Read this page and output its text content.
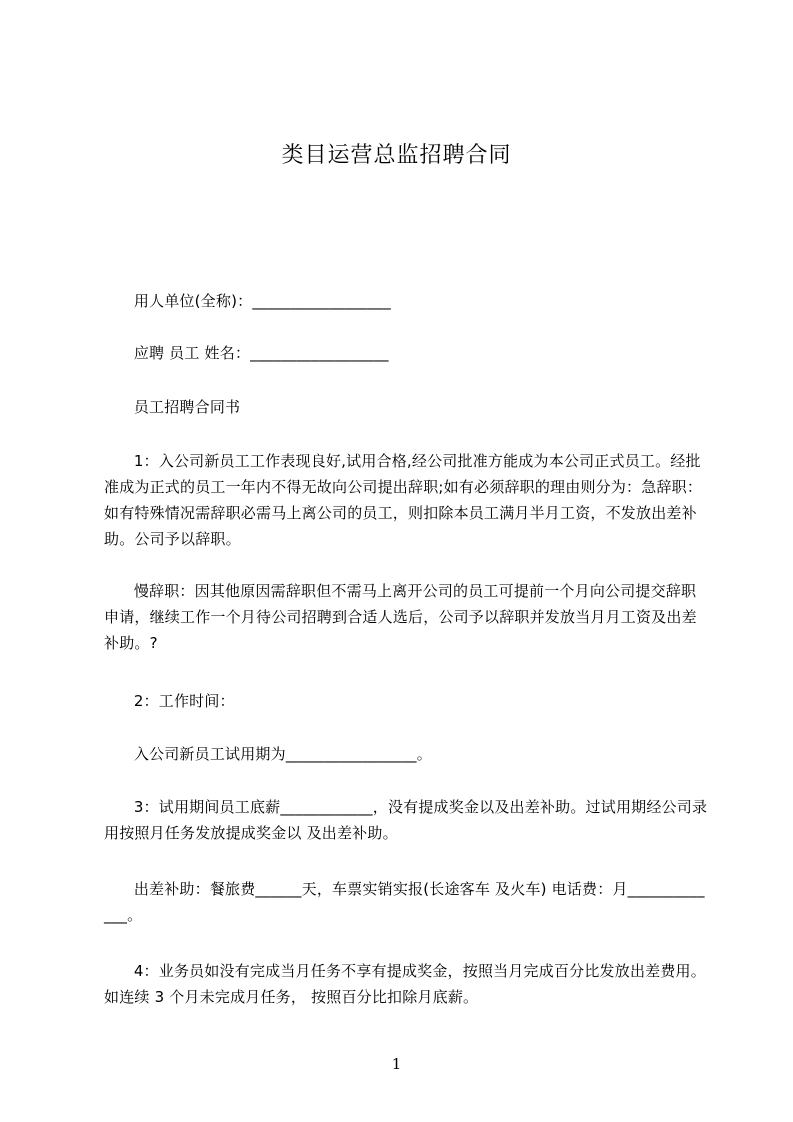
类目运营总监招聘合同
用人单位(全称)：__________________
应聘 员工 姓名：__________________
员工招聘合同书
1：入公司新员工工作表现良好,试用合格,经公司批准方能成为本公司正式员工。经批准成为正式的员工一年内不得无故向公司提出辞职;如有必须辞职的理由则分为：急辞职：如有特殊情况需辞职必需马上离公司的员工，则扣除本员工满月半月工资，不发放出差补助。公司予以辞职。
慢辞职：因其他原因需辞职但不需马上离开公司的员工可提前一个月向公司提交辞职申请，继续工作一个月待公司招聘到合适人选后，公司予以辞职并发放当月月工资及出差补助。?
2：工作时间：
入公司新员工试用期为_________________。
3：试用期间员工底薪____________，没有提成奖金以及出差补助。过试用期经公司录用按照月任务发放提成奖金以 及出差补助。
出差补助：餐旅费______天，车票实销实报(长途客车 及火车) 电话费：月_____________。
4：业务员如没有完成当月任务不享有提成奖金，按照当月完成百分比发放出差费用。如连续 3 个月未完成月任务， 按照百分比扣除月底薪。
1
